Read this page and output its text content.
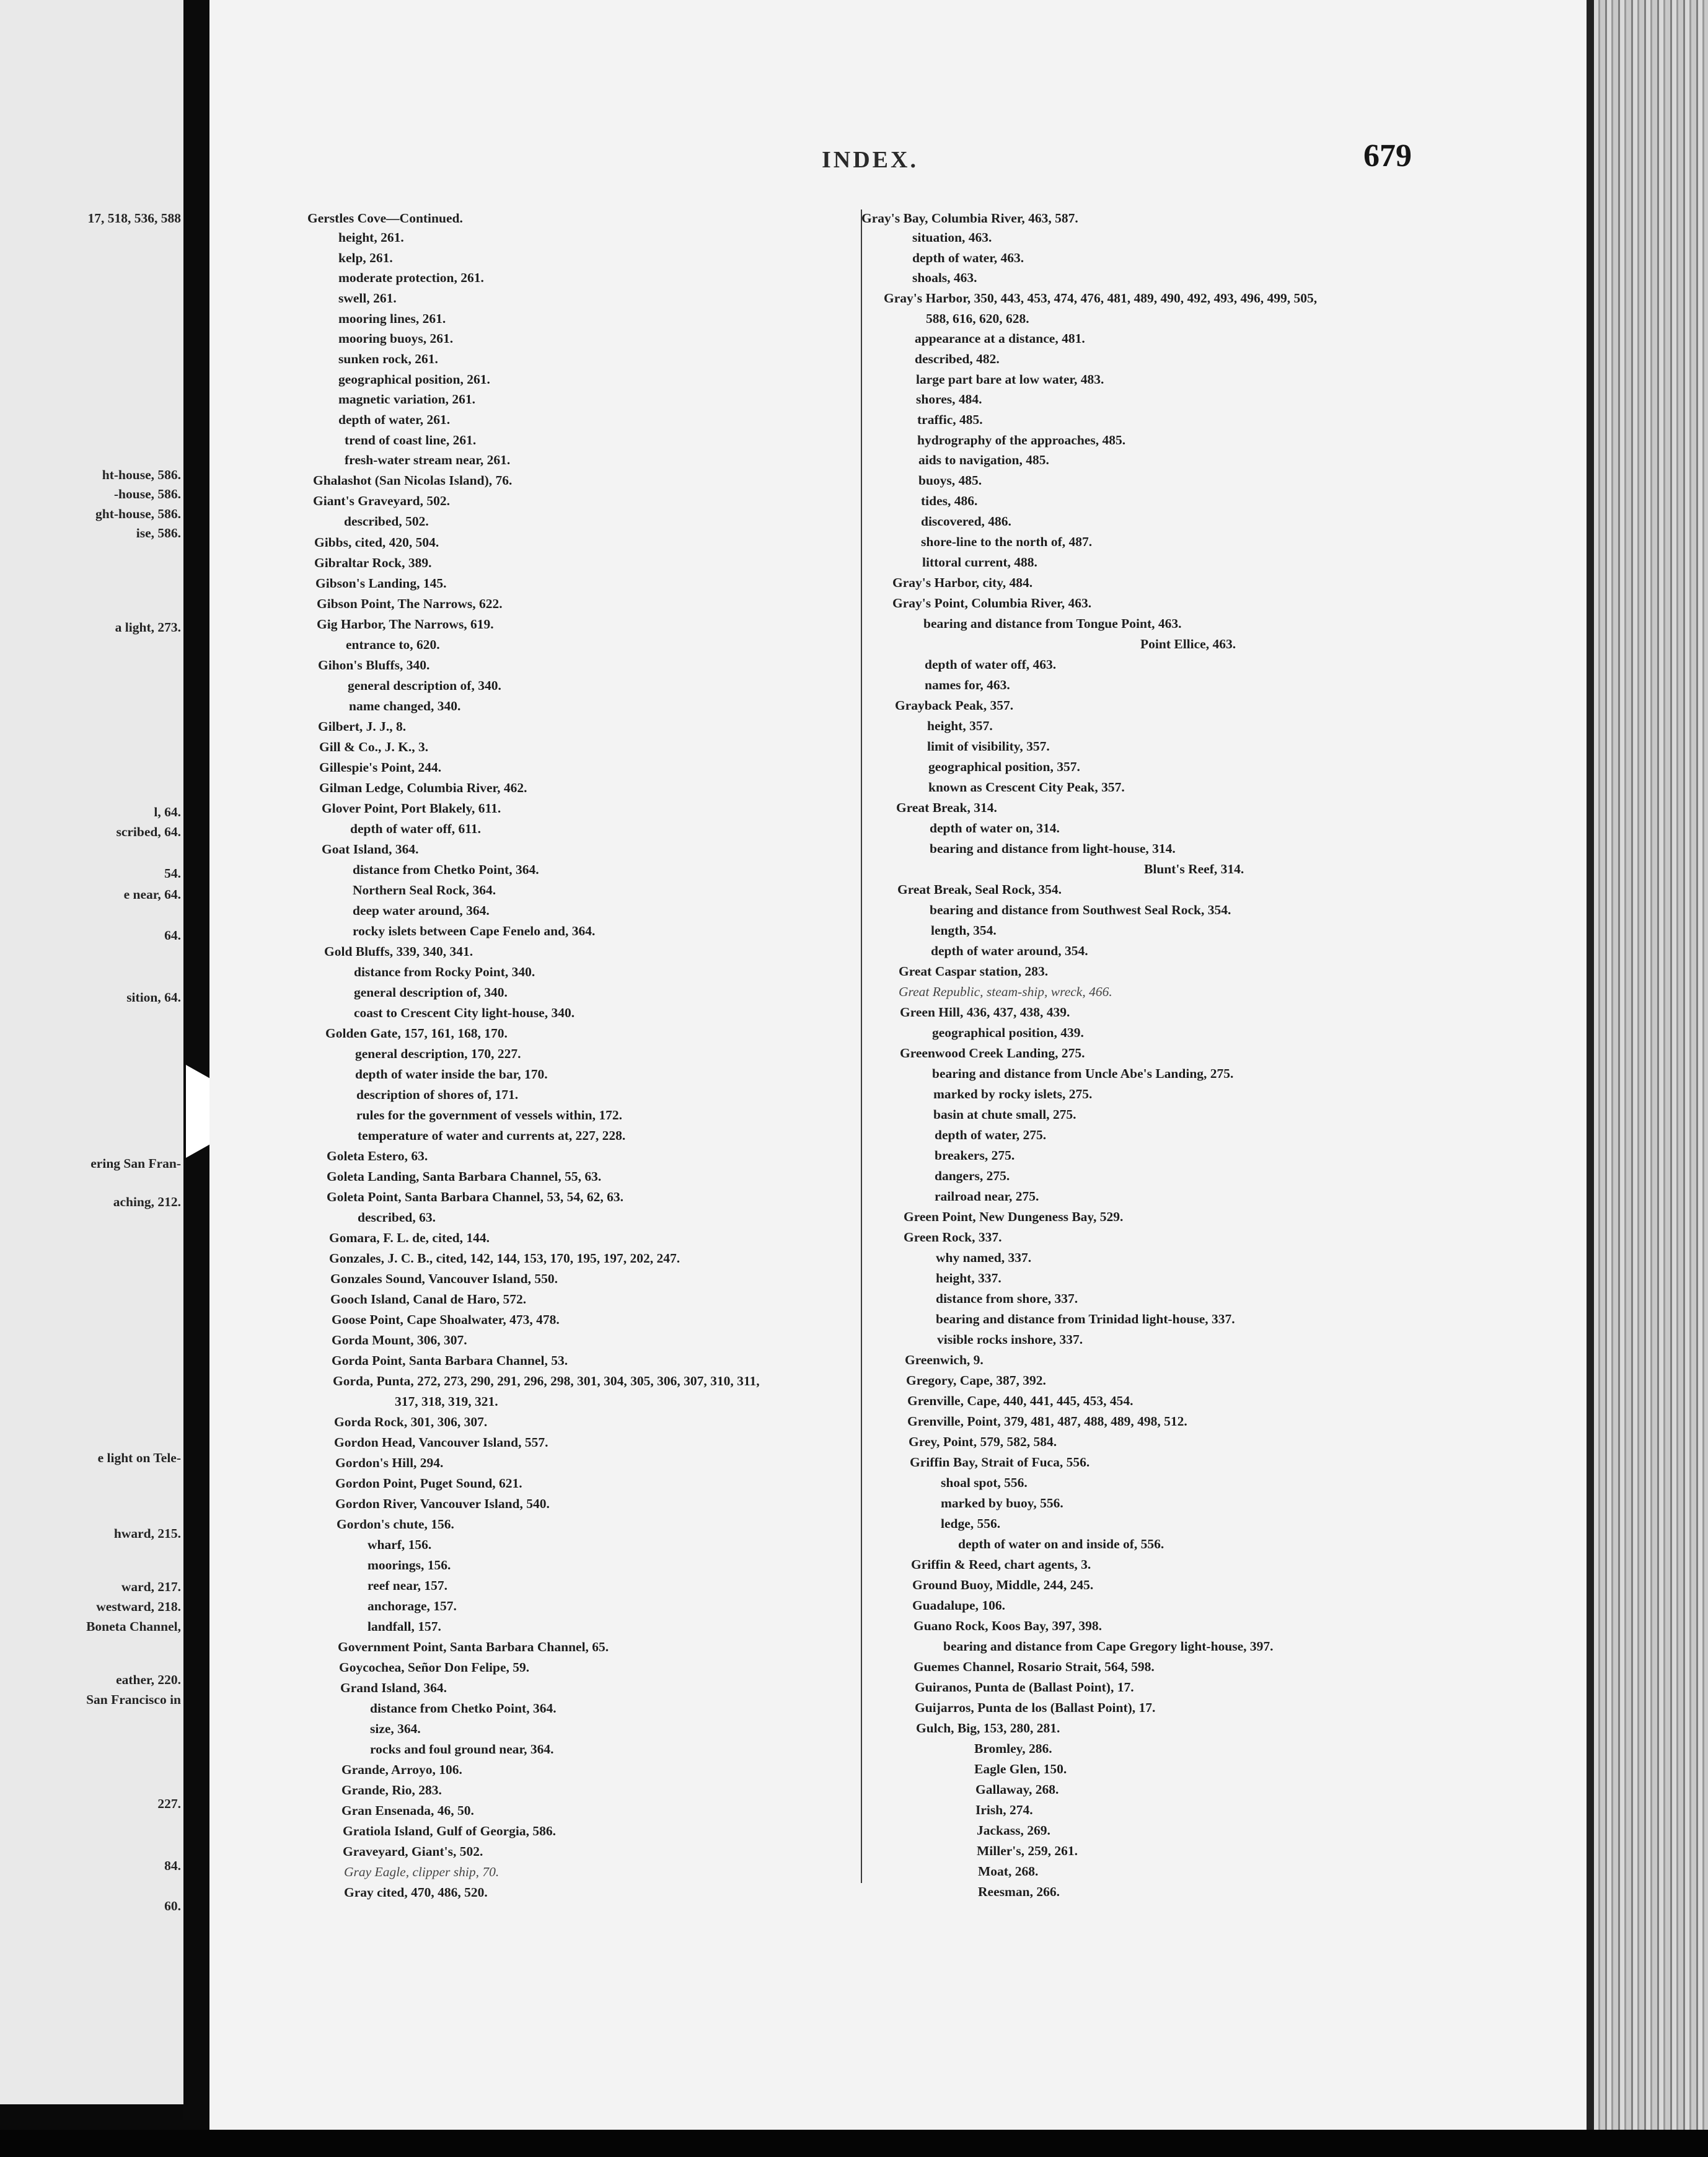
17, 518, 536, 588
ht-house, 586.
-house, 586.
ght-house, 586.
ise, 586.
a light, 273.
l, 64.
scribed, 64.
54.
e near, 64.
64.
sition, 64.
ering San Fran-
aching, 212.
e light on Tele-
hward, 215.
ward, 217.
westward, 218.
Boneta Channel,
eather, 220.
San Francisco in
227.
84.
60.
INDEX.	679
Gerstles Cove—Continued.
height, 261.
kelp, 261.
moderate protection, 261.
swell, 261.
mooring lines, 261.
mooring buoys, 261.
sunken rock, 261.
geographical position, 261.
magnetic variation, 261.
depth of water, 261.
trend of coast line, 261.
fresh-water stream near, 261.
Ghalashot (San Nicolas Island), 76.
Giant's Graveyard, 502.
described, 502.
Gibbs, cited, 420, 504.
Gibraltar Rock, 389.
Gibson's Landing, 145.
Gibson Point, The Narrows, 622.
Gig Harbor, The Narrows, 619.
entrance to, 620.
Gihon's Bluffs, 340.
general description of, 340.
name changed, 340.
Gilbert, J. J., 8.
Gill & Co., J. K., 3.
Gillespie's Point, 244.
Gilman Ledge, Columbia River, 462.
Glover Point, Port Blakely, 611.
depth of water off, 611.
Goat Island, 364.
distance from Chetko Point, 364.
Northern Seal Rock, 364.
deep water around, 364.
rocky islets between Cape Fenelo and, 364.
Gold Bluffs, 339, 340, 341.
distance from Rocky Point, 340.
general description of, 340.
coast to Crescent City light-house, 340.
Golden Gate, 157, 161, 168, 170.
general description, 170, 227.
depth of water inside the bar, 170.
description of shores of, 171.
rules for the government of vessels within, 172.
temperature of water and currents at, 227, 228.
Goleta Estero, 63.
Goleta Landing, Santa Barbara Channel, 55, 63.
Goleta Point, Santa Barbara Channel, 53, 54, 62, 63.
described, 63.
Gomara, F. L. de, cited, 144.
Gonzales, J. C. B., cited, 142, 144, 153, 170, 195, 197, 202, 247.
Gonzales Sound, Vancouver Island, 550.
Gooch Island, Canal de Haro, 572.
Goose Point, Cape Shoalwater, 473, 478.
Gorda Mount, 306, 307.
Gorda Point, Santa Barbara Channel, 53.
Gorda, Punta, 272, 273, 290, 291, 296, 298, 301, 304, 305, 306, 307, 310, 311,
317, 318, 319, 321.
Gorda Rock, 301, 306, 307.
Gordon Head, Vancouver Island, 557.
Gordon's Hill, 294.
Gordon Point, Puget Sound, 621.
Gordon River, Vancouver Island, 540.
Gordon's chute, 156.
wharf, 156.
moorings, 156.
reef near, 157.
anchorage, 157.
landfall, 157.
Government Point, Santa Barbara Channel, 65.
Goycochea, Señor Don Felipe, 59.
Grand Island, 364.
distance from Chetko Point, 364.
size, 364.
rocks and foul ground near, 364.
Grande, Arroyo, 106.
Grande, Rio, 283.
Gran Ensenada, 46, 50.
Gratiola Island, Gulf of Georgia, 586.
Graveyard, Giant's, 502.
Gray Eagle, clipper ship, 70.
Gray cited, 470, 486, 520.
Gray's Bay, Columbia River, 463, 587.
situation, 463.
depth of water, 463.
shoals, 463.
Gray's Harbor, 350, 443, 453, 474, 476, 481, 489, 490, 492, 493, 496, 499, 505,
588, 616, 620, 628.
appearance at a distance, 481.
described, 482.
large part bare at low water, 483.
shores, 484.
traffic, 485.
hydrography of the approaches, 485.
aids to navigation, 485.
buoys, 485.
tides, 486.
discovered, 486.
shore-line to the north of, 487.
littoral current, 488.
Gray's Harbor, city, 484.
Gray's Point, Columbia River, 463.
bearing and distance from Tongue Point, 463.
Point Ellice, 463.
depth of water off, 463.
names for, 463.
Grayback Peak, 357.
height, 357.
limit of visibility, 357.
geographical position, 357.
known as Crescent City Peak, 357.
Great Break, 314.
depth of water on, 314.
bearing and distance from light-house, 314.
Blunt's Reef, 314.
Great Break, Seal Rock, 354.
bearing and distance from Southwest Seal Rock, 354.
length, 354.
depth of water around, 354.
Great Caspar station, 283.
Great Republic, steam-ship, wreck, 466.
Green Hill, 436, 437, 438, 439.
geographical position, 439.
Greenwood Creek Landing, 275.
bearing and distance from Uncle Abe's Landing, 275.
marked by rocky islets, 275.
basin at chute small, 275.
depth of water, 275.
breakers, 275.
dangers, 275.
railroad near, 275.
Green Point, New Dungeness Bay, 529.
Green Rock, 337.
why named, 337.
height, 337.
distance from shore, 337.
bearing and distance from Trinidad light-house, 337.
visible rocks inshore, 337.
Greenwich, 9.
Gregory, Cape, 387, 392.
Grenville, Cape, 440, 441, 445, 453, 454.
Grenville, Point, 379, 481, 487, 488, 489, 498, 512.
Grey, Point, 579, 582, 584.
Griffin Bay, Strait of Fuca, 556.
shoal spot, 556.
marked by buoy, 556.
ledge, 556.
depth of water on and inside of, 556.
Griffin & Reed, chart agents, 3.
Ground Buoy, Middle, 244, 245.
Guadalupe, 106.
Guano Rock, Koos Bay, 397, 398.
bearing and distance from Cape Gregory light-house, 397.
Guemes Channel, Rosario Strait, 564, 598.
Guiranos, Punta de (Ballast Point), 17.
Guijarros, Punta de los (Ballast Point), 17.
Gulch, Big, 153, 280, 281.
Bromley, 286.
Eagle Glen, 150.
Gallaway, 268.
Irish, 274.
Jackass, 269.
Miller's, 259, 261.
Moat, 268.
Reesman, 266.
